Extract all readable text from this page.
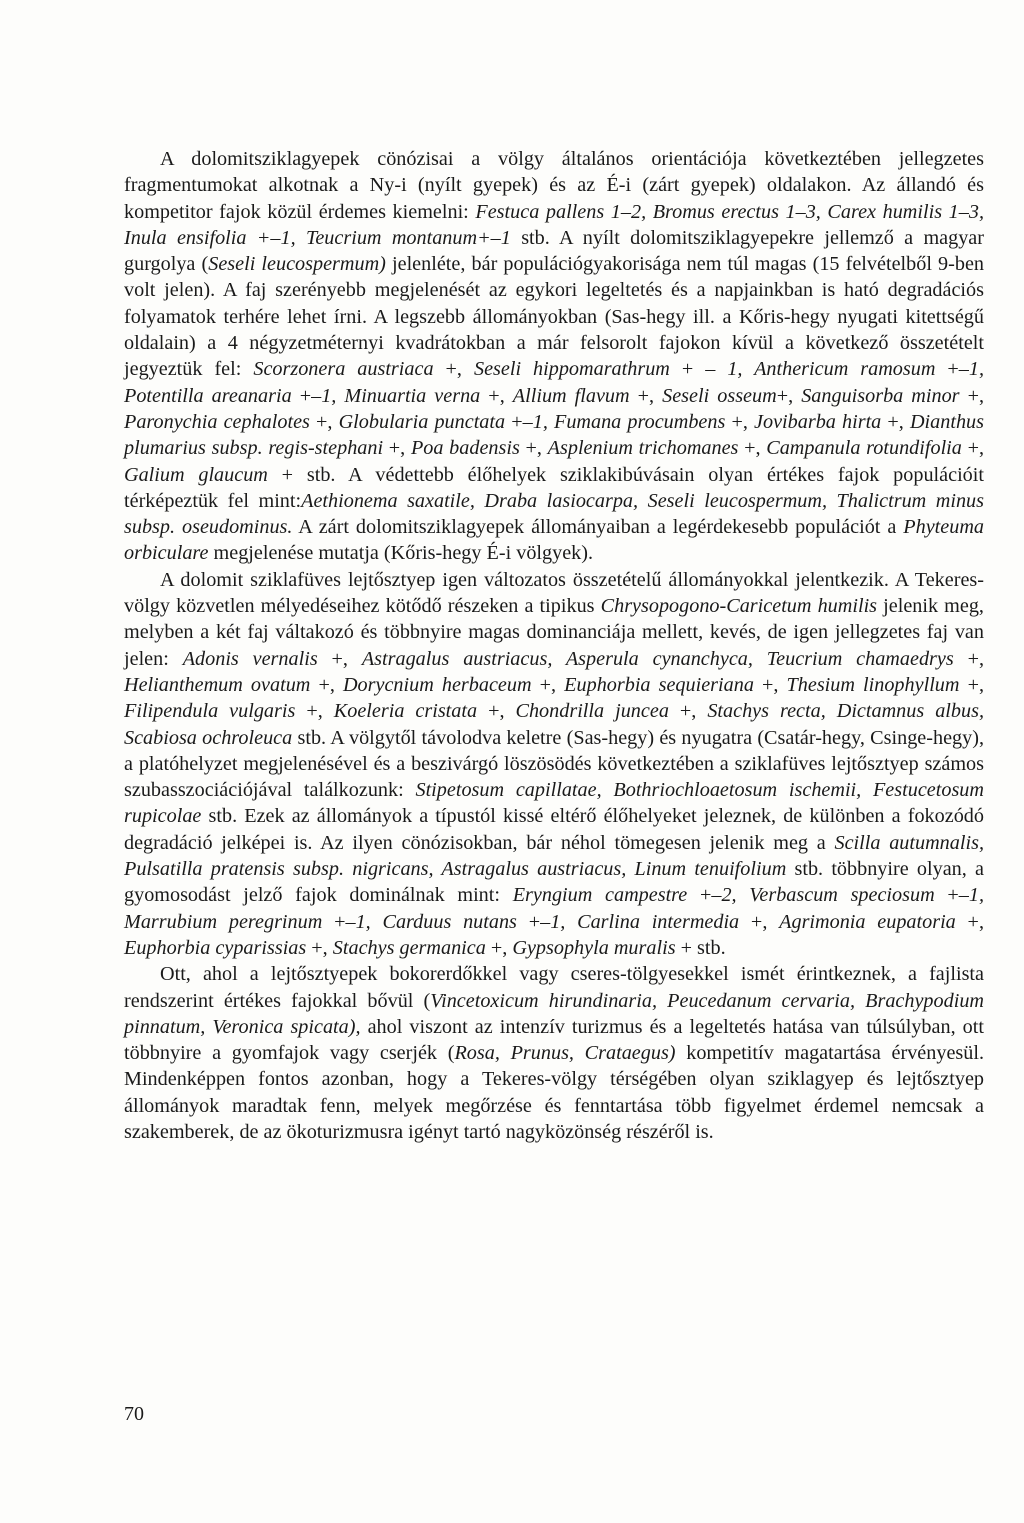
A dolomitsziklagyepek cönózisai a völgy általános orientációja következtében jellegzetes fragmentumokat alkotnak a Ny-i (nyílt gyepek) és az É-i (zárt gyepek) oldalakon. Az állandó és kompetitor fajok közül érdemes kiemelni: Festuca pallens 1–2, Bromus erectus 1–3, Carex humilis 1–3, Inula ensifolia +–1, Teucrium montanum+–1 stb. A nyílt dolomitsziklagyepekre jellemző a magyar gurgolya (Seseli leucospermum) jelenléte, bár populációgyakorisága nem túl magas (15 felvételből 9-ben volt jelen). A faj szerényebb megjelenését az egykori legeltetés és a napjainkban is ható degradációs folyamatok terhére lehet írni. A legszebb állományokban (Sas-hegy ill. a Kőris-hegy nyugati kitettségű oldalain) a 4 négyzetméternyi kvadrátokban a már felsorolt fajokon kívül a következő összetételt jegyeztük fel: Scorzonera austriaca +, Seseli hippomarathrum + – 1, Anthericum ramosum +–1, Potentilla areanaria +–1, Minuartia verna +, Allium flavum +, Seseli osseum+, Sanguisorba minor +, Paronychia cephalotes +, Globularia punctata +–1, Fumana procumbens +, Jovibarba hirta +, Dianthus plumarius subsp. regis-stephani +, Poa badensis +, Asplenium trichomanes +, Campanula rotundifolia +, Galium glaucum + stb. A védettebb élőhelyek sziklakibúvásain olyan értékes fajok populációit térképeztük fel mint:Aethionema saxatile, Draba lasiocarpa, Seseli leucospermum, Thalictrum minus subsp. oseudominus. A zárt dolomitsziklagyepek állományaiban a legérdekesebb populációt a Phyteuma orbiculare megjelenése mutatja (Kőris-hegy É-i völgyek).

A dolomit sziklafüves lejtősztyep igen változatos összetételű állományokkal jelentkezik. A Tekeres-völgy közvetlen mélyedéseihez kötődő részeken a tipikus Chrysopogono-Caricetum humilis jelenik meg, melyben a két faj váltakozó és többnyire magas dominanciája mellett, kevés, de igen jellegzetes faj van jelen: Adonis vernalis +, Astragalus austriacus, Asperula cynanchyca, Teucrium chamaedrys +, Helianthemum ovatum +, Dorycnium herbaceum +, Euphorbia sequieriana +, Thesium linophyllum +, Filipendula vulgaris +, Koeleria cristata +, Chondrilla juncea +, Stachys recta, Dictamnus albus, Scabiosa ochroleuca stb. A völgytől távolodva keletre (Sas-hegy) és nyugatra (Csatár-hegy, Csinge-hegy), a platóhelyzet megjelenésével és a beszivárgó löszösödés következtében a sziklafüves lejtősztyep számos szubasszociációjával találkozunk: Stipetosum capillatae, Bothriochloaetosum ischemii, Festucetosum rupicolae stb. Ezek az állományok a típustól kissé eltérő élőhelyeket jeleznek, de különben a fokozódó degradáció jelképei is. Az ilyen cönózisokban, bár néhol tömegesen jelenik meg a Scilla autumnalis, Pulsatilla pratensis subsp. nigricans, Astragalus austriacus, Linum tenuifolium stb. többnyire olyan, a gyomosodást jelző fajok dominálnak mint: Eryngium campestre +–2, Verbascum speciosum +–1, Marrubium peregrinum +–1, Carduus nutans +–1, Carlina intermedia +, Agrimonia eupatoria +, Euphorbia cyparissias +, Stachys germanica +, Gypsophyla muralis + stb.

Ott, ahol a lejtősztyepek bokorerdőkkel vagy cseres-tölgyesekkel ismét érintkeznek, a fajlista rendszerint értékes fajokkal bővül (Vincetoxicum hirundinaria, Peucedanum cervaria, Brachypodium pinnatum, Veronica spicata), ahol viszont az intenzív turizmus és a legeltetés hatása van túlsúlyban, ott többnyire a gyomfajok vagy cserjék (Rosa, Prunus, Crataegus) kompetitív magatartása érvényesül. Mindenképpen fontos azonban, hogy a Tekeres-völgy térségében olyan sziklagyep és lejtősztyep állományok maradtak fenn, melyek megőrzése és fenntartása több figyelmet érdemel nemcsak a szakemberek, de az ökoturizmusra igényt tartó nagyközönség részéről is.

70
